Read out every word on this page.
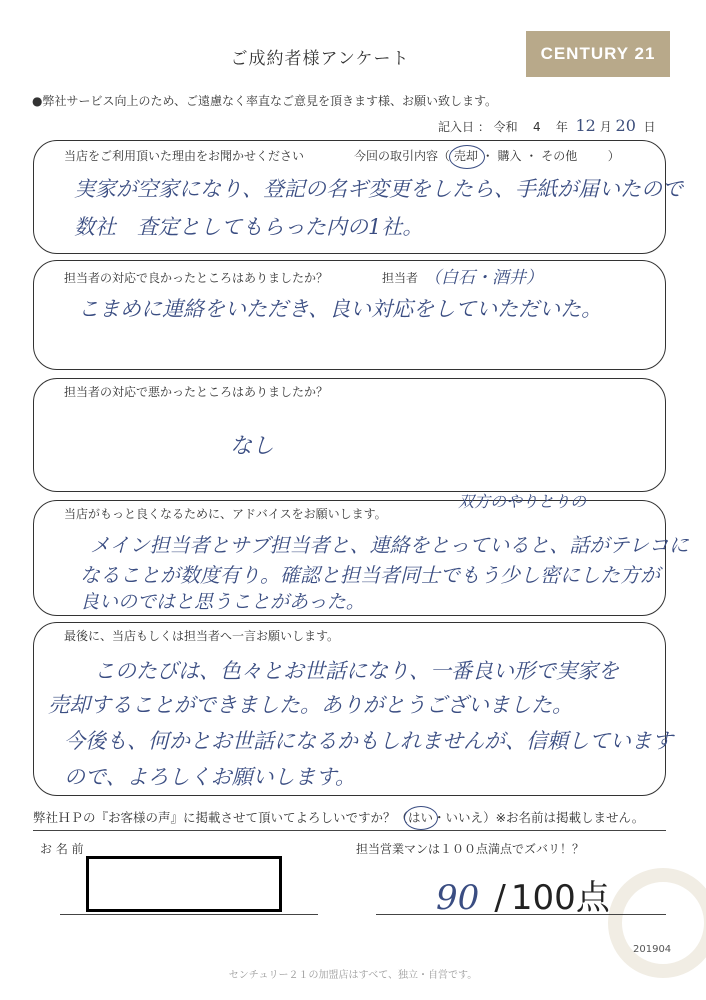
ご成約者様アンケート	CENTURY 21
●弊社サービス向上のため、ご遠慮なく率直なご意見を頂きます様、お願い致します。
記入日 ： 令和 4 年 12 月 20 日
当店をご利用頂いた理由をお聞かせください	今回の取引内容（ 売却 ・ 購入 ・ その他	）
実家が空家になり、登記の名ギ変更をしたら、手紙が届いたので
数社　査定としてもらった内の1社。
担当者の対応で良かったところはありましたか？	担当者 （白石・酒井）
こまめに連絡をいただき、良い対応をしていただいた。
担当者の対応で悪かったところはありましたか？
なし
当店がもっと良くなるために、アドバイスをお願いします。
双方のやりとりの
メイン担当者とサブ担当者と、連絡をとっていると、話がテレコに
なることが数度有り。確認と担当者同士でもう少し密にした方が
良いのではと思うことがあった。
最後に、当店もしくは担当者へ一言お願いします。
このたびは、色々とお世話になり、一番良い形で実家を
売却することができました。ありがとうございました。
今後も、何かとお世話になるかもしれませんが、信頼しています
ので、よろしくお願いします。
弊社ＨＰの『お客様の声』に掲載させて頂いてよろしいですか？（はい
・いいえ）※お名前は掲載しません。
お 名 前	担当営業マンは１００点満点でズバリ！？
90 / 100点
201904
センチュリー２１の加盟店はすべて、独立・自営です。
